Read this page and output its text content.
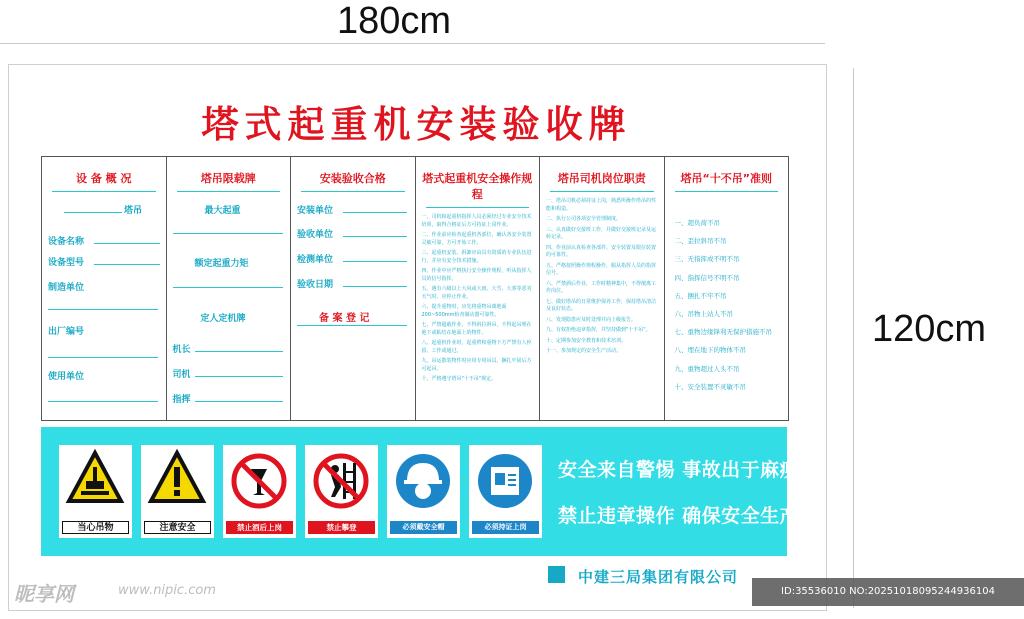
180cm
120cm
塔式起重机安装验收牌
设 备 概 况
塔吊
设备名称
设备型号
制造单位
出厂编号
使用单位
塔吊限载牌
最大起重
额定起重力矩
定人定机牌
机长
司机
指挥
安装验收合格
安装单位
验收单位
检测单位
验收日期
备 案 登 记
塔式起重机安全操作规程

一、司机和起重机指挥人员必须经过专业安全技术培训，取得合格证后方可持证上岗作业。

二、作业前应检查起重机各部位，确认各安全装置灵敏可靠，方可开始工作。

三、起重机安装、拆卸应由具有资质的专业队伍进行，并应有安全技术措施。

四、作业中应严格执行安全操作规程，听从指挥人员的信号指挥。

五、遇有六级以上大风或大雨、大雪、大雾等恶劣天气时，应停止作业。

六、提升重物时，应先将重物吊离地面200~500mm检查制动器可靠性。

七、严禁超载作业，不得斜拉斜吊，不得起吊埋在地下或粘结在地面上的物件。

八、起重机作业时，起重臂和重物下方严禁有人停留、工作或通过。

九、吊运散装物件时应用专用吊具，捆扎牢固后方可起吊。

十、严格遵守塔吊"十不吊"规定。

塔吊司机岗位职责

一、塔吊司机必须持证上岗，熟悉所操作塔吊的性能和构造。

二、执行公司各项安全管理制度。

三、认真做好交接班工作，并做好交接班记录及运转记录。

四、作业前认真检查各部件、安全装置及限位装置的可靠性。

五、严格按照操作规程操作，服从指挥人员的指挥信号。

六、严禁酒后作业，工作时精神集中，不得擅离工作岗位。

七、做好塔吊的日常维护保养工作，保持塔吊清洁及良好状态。

八、发现隐患应及时处理并向上级报告。

九、有权拒绝违章指挥，并坚持做到"十不吊"。

十、定期参加安全教育和技术培训。

十一、参加规定的安全生产活动。

塔吊“十不吊”准则
一、超负荷不吊
二、歪拉斜吊不吊
三、无指挥或不明不吊
四、指挥信号不明不吊
五、捆扎不牢不吊
六、吊物上站人不吊
七、重物边缘锋利无保护措施不吊
八、埋在地下的物体不吊
九、重物超过人头不吊
十、安全装置不灵敏不吊
当心吊物	注意安全	禁止酒后上岗	禁止攀登	必须戴安全帽	必须持证上岗
安全来自警惕 事故出于麻痹
禁止违章操作 确保安全生产
中建三局集团有限公司
昵享网	www.nipic.com	ID:35536010 NO:20251018095244936104
